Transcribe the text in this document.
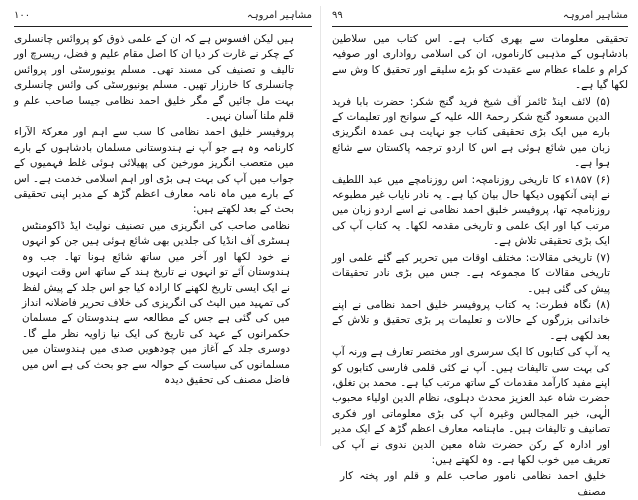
مشاہیر امروہہ
۱۰۰

ہیں لیکن افسوس ہے کہ ان کے علمی ذوق کو پروائس چانسلری کے چکر نے غارت کر دیا ان کا اصل مقام علیم و فضل، ریسرچ اور تالیف و تصنیف کی مسند تھی۔ مسلم یونیورسٹی اور پروائس چانسلری کا خارزار تھیں۔ مسلم یونیورسٹی کی وائس چانسلری بہت مل جائیں گے مگر خلیق احمد نظامی جیسا صاحب علم و قلم ملنا آسان نہیں۔

پروفیسر خلیق احمد نظامی کا سب سے اہم اور معرکۃ الآراء کارنامہ وہ ہے جو آپ نے ہندوستانی مسلمان بادشاہوں کے بارے میں متعصب انگریز مورخین کی پھیلائی ہوئی غلط فہمیوں کے جواب میں آپ کی بہت ہی بڑی اور اہم اسلامی خدمت ہے۔ اس کے بارے میں ماہ نامہ معارف اعظم گڑھ کے مدیر اپنی تحقیقی بحث کے بعد لکھتے ہیں:

نظامی صاحب کی انگریزی میں تصنیف نولیٹ ایڈ ڈاکومنٹس ہسٹری آف انڈیا کی جلدیں بھی شائع ہوئی ہیں جن کو انہوں نے خود لکھا اور آخر میں ساتھ شائع ہونا تھا۔ جب وہ ہندوستان آئے تو انہوں نے تاریخ ہند کے ساتھ اس وقت انہوں نے ایک ایسی تاریخ لکھنے کا ارادہ کیا جو اس جلد کے پیش لفظ کی تمہید میں الیٹ کی انگریزی کی خلاف تحریر فاضلانہ انداز میں کی گئی ہے جس کے مطالعہ سے ہندوستان کے مسلمان حکمرانوں کے عہد کی تاریخ کی ایک نیا زاویہ نظر ملے گا۔ دوسری جلد کے آغاز میں چودھویں صدی میں ہندوستان میں مسلمانوں کی سیاست کے حوالہ سے جو بحث کی ہے اس میں فاضل مصنف کی تحقیق دیدہ

مشاہیر امروہہ
۹۹

تحقیقی معلومات سے بھری کتاب ہے۔ اس کتاب میں سلاطین بادشاہوں کے مذہبی کارناموں، ان کی اسلامی رواداری اور صوفیہ کرام و علماء عظام سے عقیدت کو بڑے سلیقے اور تحقیق کا وش سے لکھا گیا ہے۔

(۵) لائف اینڈ ٹائمز آف شیخ فرید گنج شکر: حضرت بابا فرید الدین مسعود گنج شکر رحمۃ اللہ علیہ کے سوانح اور تعلیمات کے بارے میں ایک بڑی تحقیقی کتاب جو نہایت ہی عمدہ انگریزی زبان میں شائع ہوئی ہے اس کا اردو ترجمہ پاکستان سے شائع ہوا ہے۔

(۶) ۱۸۵۷ء کا تاریخی روزنامچہ: اس روزنامچے میں عبد اللطیف نے اپنی آنکھوں دیکھا حال بیان کیا ہے۔ یہ نادر نایاب غیر مطبوعہ روزنامچہ تھا، پروفیسر خلیق احمد نظامی نے اسے اردو زبان میں مرتب کیا اور ایک علمی و تاریخی مقدمہ لکھا۔ یہ کتاب آپ کی ایک بڑی تحقیقی تلاش ہے۔

(۷) تاریخی مقالات: مختلف اوقات میں تحریر کیے گئے علمی اور تاریخی مقالات کا مجموعہ ہے۔ جس میں بڑی نادر تحقیقات پیش کی گئی ہیں۔

(۸) نگاہ فطرت: یہ کتاب پروفیسر خلیق احمد نظامی نے اپنے خاندانی بزرگوں کے حالات و تعلیمات پر بڑی تحقیق و تلاش کے بعد لکھی ہے۔

یہ آپ کی کتابوں کا ایک سرسری اور مختصر تعارف ہے ورنہ آپ کی بہت سی تالیفات ہیں۔ آپ نے کئی قلمی فارسی کتابوں کو اپنے مفید کارآمد مقدمات کے ساتھ مرتب کیا ہے۔ محمد بن تغلق، حضرت شاہ عبد العزیز محدث دہلوی، نظام الدین اولیاء محبوب الٰہی، خیر المجالس وغیرہ آپ کی بڑی معلوماتی اور فکری تصانیف و تالیفات ہیں۔ ماہنامہ معارف اعظم گڑھ کے ایک مدیر اور ادارہ کے رکن حضرت شاہ معین الدین ندوی نے آپ کی تعریف میں خوب لکھا ہے۔ وہ لکھتے ہیں:

خلیق احمد نظامی نامور صاحب علم و قلم اور پختہ کار مصنف
